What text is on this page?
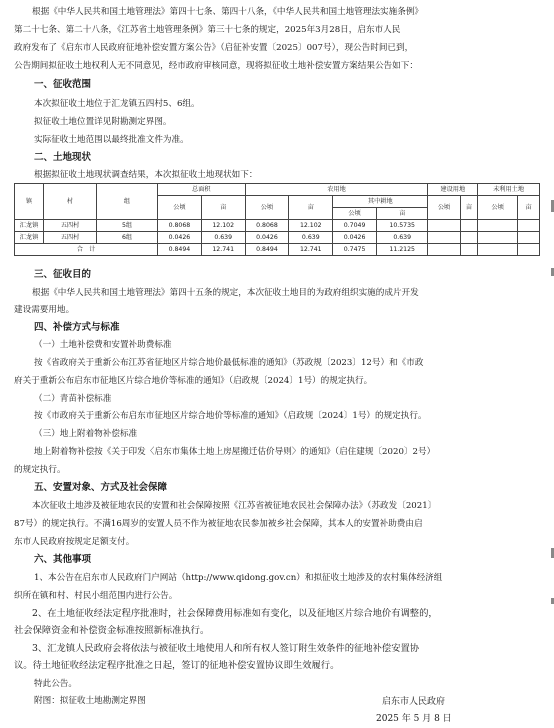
根据《中华人民共和国土地管理法》第四十七条、第四十八条，《中华人民共和国土地管理法实施条例》

第二十七条、第二十八条，《江苏省土地管理条例》第三十七条的规定，2025年3月28日，启东市人民

政府发布了《启东市人民政府征地补偿安置方案公告》（启征补安置〔2025〕007号），现公告时间已到，

公告期间拟征收土地权利人无不同意见，经市政府审核同意，现将拟征收土地补偿安置方案结果公告如下：

一、征收范围

本次拟征收土地位于汇龙镇五四村5、6组。

拟征收土地位置详见附勘测定界图。

实际征收土地范围以最终批准文件为准。

二、土地现状

根据拟征收土地现状调查结果，本次拟征收土地现状如下：

镇	村	组	总面积		农用地				建设用地		未利用土地	
			公顷	亩	公顷	亩	其中耕地		公顷	亩	公顷	亩
							公顷	亩				
汇龙镇	五四村	5组	0.8068	12.102	0.8068	12.102	0.7049	10.5735				
汇龙镇	五四村	6组	0.0426	0.639	0.0426	0.639	0.0426	0.639				
合　计			0.8494	12.741	0.8494	12.741	0.7475	11.2125				

三、征收目的

根据《中华人民共和国土地管理法》第四十五条的规定，本次征收土地目的为政府组织实施的成片开发

建设需要用地。

四、补偿方式与标准

（一）土地补偿费和安置补助费标准

按《省政府关于重新公布江苏省征地区片综合地价最低标准的通知》（苏政规〔2023〕12号）和《市政

府关于重新公布启东市征地区片综合地价等标准的通知》（启政规〔2024〕1号）的规定执行。

（二）青苗补偿标准

按《市政府关于重新公布启东市征地区片综合地价等标准的通知》（启政规〔2024〕1号）的规定执行。

（三）地上附着物补偿标准

地上附着物补偿按《关于印发〈启东市集体土地上房屋搬迁估价导则〉的通知》（启住建规〔2020〕2号）

的规定执行。

五、安置对象、方式及社会保障

本次征收土地涉及被征地农民的安置和社会保障按照《江苏省被征地农民社会保障办法》（苏政发〔2021〕

87号）的规定执行。不满16周岁的安置人员不作为被征地农民参加被乡社会保障，其本人的安置补助费由启

东市人民政府按规定足额支付。

六、其他事项

1、本公告在启东市人民政府门户网站（http://www.qidong.gov.cn）和拟征收土地涉及的农村集体经济组

织所在镇和村、村民小组范围内进行公告。

2、在土地征收经法定程序批准时，社会保障费用标准如有变化，以及征地区片综合地价有调整的，

社会保障资金和补偿资金标准按照新标准执行。

3、汇龙镇人民政府会将依法与被征收土地使用人和所有权人签订附生效条件的征地补偿安置协

议。待土地征收经法定程序批准之日起，签订的征地补偿安置协议即生效履行。

特此公告。

附图：拟征收土地勘测定界图	启东市人民政府
2025 年 5 月 8 日
